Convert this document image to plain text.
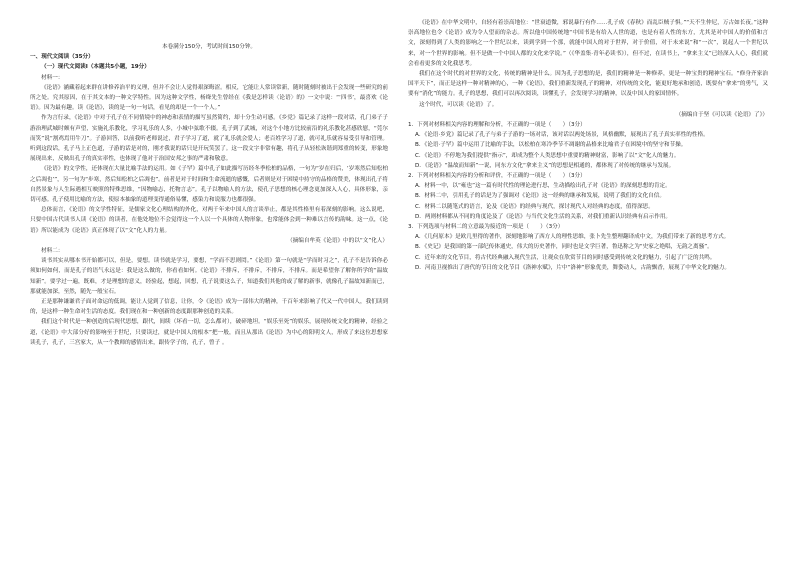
本卷满分150分，考试时间150分钟。

一、现代文阅读（35分）

（一）现代文阅读Ⅰ（本题共5小题，19分）

材料一：

《论语》涵藏着起来群在讲修养治平的义理，但并不会让人觉得艰深晦涩。相反，它能让人常读常新，随时随刻时被出于会发现一些研究的前所之处。究其原因，在于其文本的一种文学特性。因为这种文学性，杨绛先生曾经在《我是怎样读〈论语〉的》一文中说：“‘四书’，最喜欢《论语》。因为最有趣。读《论语》，读的是一句一句话，看见的却是一个一个人。”

作为言行录，《论语》中对于孔子在不同情境中的神态和表情的描写虽然简约，却十分生动可感。《乡党》篇记录了这样一段对话，孔门弟子子游治理武城时颇有声望，实施礼乐教化，学习礼乐的人多，小城中弦歌不辍。孔子到了武城，对这个小地方比较前沿的礼乐教化甚感欣慰，“莞尔而笑”说“割鸡焉用牛刀”。子游回答，以前我听老师说过，君子学习了道，就了礼乐就会爱人；老百姓学习了道，就可礼乐就容易受引导和管理。听到这段话，孔子马上正色道，子游的话是对的，刚才我说的话只是开玩笑罢了。这一段文字非常有趣，将孔子从轻松诙谐到郑重的转变，形象地展现出来，反映出孔子的真实率性，也体现了他对于治国安邦之事的严肃和敬意。

《论语》的文学性，还体现在大量比喻手法的运用。如《子罕》篇中孔子如此描写历经冬季松柏的品格，一句为“岁在归后，‘岁寒然后知松柏之后凋也’”，另一句为“步寒，然后知松柏之后凋也”。前者是对于时间和生命流逝的感慨，后者则是对于困境中持守的品格的赞美，体现出孔子将自然景象与人生际遇相互映照的特殊思维，“因物喻志，托物言志”。孔子以物喻人的方法，使孔子思想的核心理念更加深入人心，具体形象，亲切可感。孔子使用比喻的方法，使原本抽象的道理变得通俗易懂，感染力和说服力也都很强。

总体而言，《论语》的文学性特征，是儒家文化心理结构的外化，对两千年来中国人的言谈举止，都是其性格里有着深刻的影响。这么说吧，只要中国古代读书人读《论语》的读者，在他处地位不会觉得这一个人以一个具体的人物形象，也常能体会到一种难以言传的韵味。这一点，《论语》所以能成为《论语》真正体现了以“文”化人的力量。

（摘编自牟英《论语》中的以“文”化人）

材料二：

谈书其实从哪本书开始都可以，但是，要想。读书就是学习，要想，“学而不思则罔。”《论语》第一句就是“学而时习之”，孔子不是告诉你必须如何如何，而是孔子的语气永远是：我是这么做的，你看看如何。《论语》不排斥，不排斥，不排斥，不排斥。而是希望你了解你所学的“温故知新”。要学过一遍，既难，才是理想的意义，经验起，想起，回想，孔子说要这么子，知道我们其他的或了解的新事，就像孔子温故知新而已，那就能加深，至然，随先一般宝石。

正是那种谦谦君子面对命运的低调，能让人觉到了信息，让你，令《论语》成为一部伟大的精神，千百年来影响了代又一代中国人，我们读到的，是这样一种生命对生活的态度。我们现在和一种创新的态度跟那种创造的关系。

我们这个时代是一种创造的后现代思想，跟代，间续（坏看一切，怎么都对），破碎地坦。“娱乐至死”的娱乐，展现传统文化的精神，经验之道，《论语》中大部分好的影响至于世纪，只要读过，就是中国人的根本”把一般，而且从那出《论语》为中心的阳明文人，形成了来这位思想家读孔子，孔子，三宫家大，从一个教师的感情出来，跟传学子的，孔子，曾子 。

《论语》在中华文明中，自轻有着崇高地位：“世衰道微，邪说暴行有作……孔子成《春秋》而乱臣贼子惧。”“天不生仲尼，万古如长夜。”这种崇高地位也令《论语》成为令人望而的杂志。所以他中国传统地“中国书是有给入人世的道，也是有着人性的东方，尤其是对中国人的价值和言文，深刻得到了人类的影响之一个世纪以来，读到学到一个那，就能中国人的对于世界，对于价值，对于未来说”和“一次”，说起人一个世纪以来，对一个世界的影响。但不是做一个中国人都的文化来学说。”（《华盖集·青年必读书》），但不过，在读书上，“拿来主义”已经深入人心，我们就会看看更多的文化我思考。

我们在这个时代的对世界的文化，传统的精神是什么。因为孔子思想的是，我们的精神是一种修养，更是一种宝贵的精神宝石。“修身齐家治国平天下”，而正是这样一种对精神的心，一种《论语》，我们重新发现孔子的精神，对传统的文化，能更好地承和创造，既要有“拿来”的勇气，又要有“消化”的能力。孔子的思想，我们可以再次阅读，读懂孔子，会发现学习的精神，以及中国人的家国情怀。

这个时代，可以读《论语》了。

（摘编自于坚《可以读《论语》了》）

1．下列对材料相关内容的理解和分析，不正确的一项是（　　）（3分）

A．《论语·乡党》篇记录了孔子与弟子子游的一场对话，该对话以两处场景，风格幽默，展现出了孔子真实率性的性格。

B．《论语·子罕》篇中运用了比喻的手法，以松柏在寒冷季节不凋谢的品格来比喻君子在困境中的坚守和节操。

C．《论语》不停地为我们提供“指示”，却成为整个人类思想中重要的精神财富，影响了以“文”化人的魅力。

D．《论语》“温故而知新”一说，同东方文化“拿来主义”的思想是相通的，都体现了对传统的继承与发展。

2．下列对材料相关内容的分析和评价，不正确的一项是（　　）（3分）

A．材料一中，以“雍也”这一篇有时代性的理论进行思，生动描绘出孔子对《论语》的深刻思想的肯定。

B．材料二中，引用孔子的话是为了强调对《论语》这一经典的继承和发展，说明了我们的文化自信。

C．材料二以随笔式的语言，论及《论语》的经典与现代，探讨现代人对经典的态度，值得深思。

D．两则材料都从不同的角度论及了《论语》与当代文化生活的关系，对我们重新认识经典有启示作用。

3．下列选项与材料二的立意最为接近的一项是（　　）（3分）

A．《几何原本》是欧几里得的著作，深刻地影响了西方人的理性思维，张卜先生整理翻译成中文，为我们带来了新的思考方式。

B．《史记》是我国的第一部纪传体通史，伟大的历史著作，同时也是文学巨著，鲁迅称之为“史家之绝唱，无韵之离骚”。

C．近年来的文化节目，将古代经典融入现代生活，让观众在欣赏节目的同时感受到传统文化的魅力，引起了广泛的共鸣。

D．河南卫视推出了唐代的节日的文化节目《洛神水赋》，片中“洛神”形象优美，舞姿动人，古韵飘香，展现了中华文化的魅力。
